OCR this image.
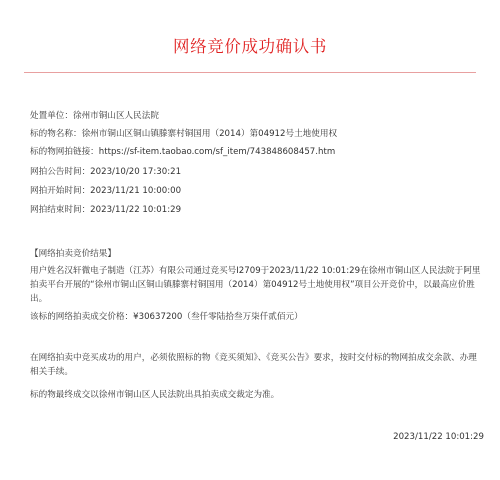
网络竞价成功确认书
处置单位：徐州市铜山区人民法院
标的物名称：徐州市铜山区铜山镇滕寨村铜国用（2014）第04912号土地使用权
标的物网拍链接：https://sf-item.taobao.com/sf_item/743848608457.htm
网拍公告时间：2023/10/20 17:30:21
网拍开始时间：2023/11/21 10:00:00
网拍结束时间：2023/11/22 10:01:29
【网络拍卖竞价结果】
用户姓名汉轩微电子制造（江苏）有限公司通过竞买号I2709于2023/11/22 10:01:29在徐州市铜山区人民法院于阿里拍卖平台开展的“徐州市铜山区铜山镇滕寨村铜国用（2014）第04912号土地使用权”项目公开竞价中，以最高应价胜出。
该标的网络拍卖成交价格：¥30637200（叁仟零陆拾叁万柒仟贰佰元）
在网络拍卖中竞买成功的用户，必须依照标的物《竞买须知》、《竞买公告》要求，按时交付标的物网拍成交余款、办理相关手续。
标的物最终成交以徐州市铜山区人民法院出具拍卖成交裁定为准。
2023/11/22 10:01:29
